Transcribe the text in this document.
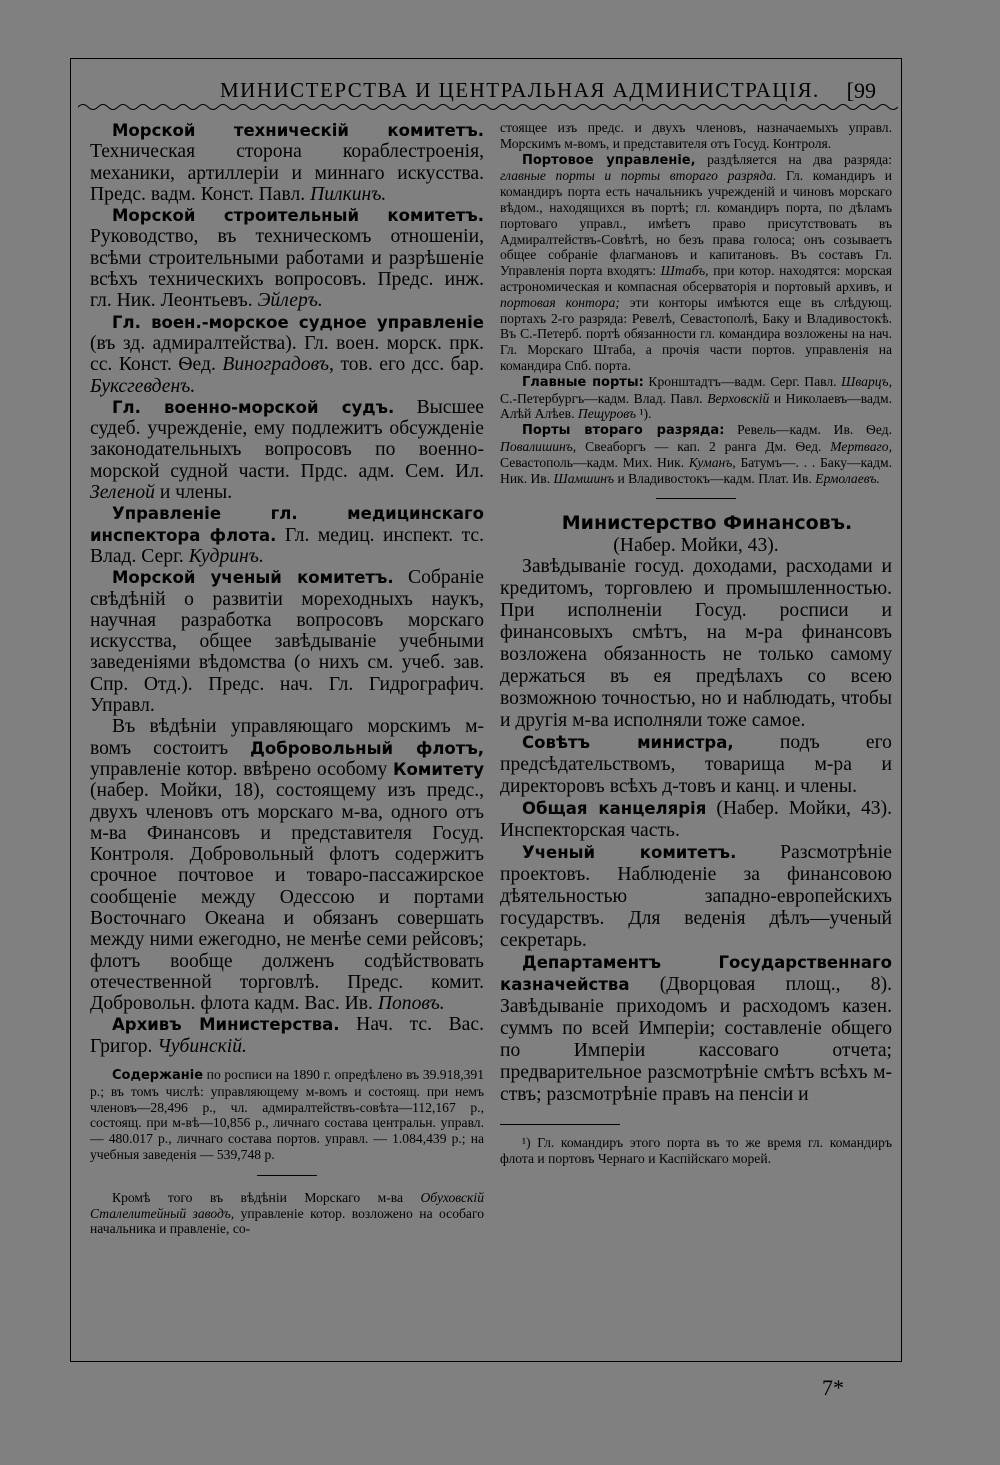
МИНИСТЕРСТВА И ЦЕНТРАЛЬНАЯ АДМИНИСТРАЦІЯ. [99

Морской техническій комитетъ. Техническая сторона кораблестроенія, механики, артиллеріи и миннаго искусства. Предс. вадм. Конст. Павл. Пилкинъ.

Морской строительный комитетъ. Руководство, въ техническомъ отношеніи, всѣми строительными работами и разрѣшеніе всѣхъ техническихъ вопросовъ. Предс. инж. гл. Ник. Леонтьевъ. Эйлеръ.

Гл. воен.-морское судное управленіе (въ зд. адмиралтейства). Гл. воен. морск. прк. сс. Конст. Ѳед. Виноградовъ, тов. его дсс. бар. Буксгевденъ.

Гл. военно-морской судъ. Высшее судеб. учрежденіе, ему подлежитъ обсужденіе законодательныхъ вопросовъ по военно-морской судной части. Прдс. адм. Сем. Ил. Зеленой и члены.

Управленіе гл. медицинскаго инспектора флота. Гл. медиц. инспект. тс. Влад. Серг. Кудринъ.

Морской ученый комитетъ. Собраніе свѣдѣній о развитіи мореходныхъ наукъ, научная разработка вопросовъ морскаго искусства, общее завѣдываніе учебными заведеніями вѣдомства (о нихъ см. учеб. зав. Спр. Отд.). Предс. нач. Гл. Гидрографич. Управл.

Въ вѣдѣніи управляющаго морскимъ м-вомъ состоитъ Добровольный флотъ, управленіе котор. ввѣрено особому Комитету (набер. Мойки, 18), состоящему изъ предс., двухъ членовъ отъ морскаго м-ва, одного отъ м-ва Финансовъ и представителя Госуд. Контроля. Добровольный флотъ содержитъ срочное почтовое и товаро-пассажирское сообщеніе между Одессою и портами Восточнаго Океана и обязанъ совершать между ними ежегодно, не менѣе семи рейсовъ; флотъ вообще долженъ содѣйствовать отечественной торговлѣ. Предс. комит. Добровольн. флота кадм. Вас. Ив. Поповъ.

Архивъ Министерства. Нач. тс. Вас. Григор. Чубинскій.

Содержаніе по росписи на 1890 г. опредѣлено въ 39.918,391 р.; въ томъ числѣ: управляющему м-вомъ и состоящ. при немъ членовъ—28,496 р., чл. адмиралтействъ-совѣта—112,167 р., состоящ. при м-вѣ—10,856 р., личнаго состава центральн. управл. — 480.017 р., личнаго состава портов. управл. — 1.084,439 р.; на учебныя заведенія — 539,748 р.

Кромѣ того въ вѣдѣніи Морскаго м-ва Обуховскій Сталелитейный заводъ, управленіе котор. возложено на особаго начальника и правленіе, со-

стоящее изъ предс. и двухъ членовъ, назначаемыхъ управл. Морскимъ м-вомъ, и представителя отъ Госуд. Контроля.

Портовое управленіе, раздѣляется на два разряда: главные порты и порты втораго разряда. Гл. командиръ и командиръ порта есть начальникъ учрежденій и чиновъ морскаго вѣдом., находящихся въ портѣ; гл. командиръ порта, по дѣламъ портоваго управл., имѣетъ право присутствовать въ Адмиралтействъ-Совѣтѣ, но безъ права голоса; онъ созываетъ общее собраніе флагмановъ и капитановъ. Въ составъ Гл. Управленія порта входятъ: Штабъ, при котор. находятся: морская астрономическая и компасная обсерваторія и портовый архивъ, и портовая контора; эти конторы имѣются еще въ слѣдующ. портахъ 2-го разряда: Ревелѣ, Севастополѣ, Баку и Владивостокѣ. Въ С.-Петерб. портѣ обязанности гл. командира возложены на нач. Гл. Морскаго Штаба, а прочія части портов. управленія на командира Спб. порта.

Главные порты: Кронштадтъ—вадм. Серг. Павл. Шварцъ, С.-Петербургъ—кадм. Влад. Павл. Верховскій и Николаевъ—вадм. Алѣй Алѣев. Пещуровъ ¹).

Порты втораго разряда: Ревель—кадм. Ив. Ѳед. Повалишинъ, Свеаборгъ — кап. 2 ранга Дм. Ѳед. Мертваго, Севастополь—кадм. Мих. Ник. Куманъ, Батумъ—. . . Баку—кадм. Ник. Ив. Шамшинъ и Владивостокъ—кадм. Плат. Ив. Ермолаевъ.

Министерство Финансовъ.

(Набер. Мойки, 43).

Завѣдываніе госуд. доходами, расходами и кредитомъ, торговлею и промышленностью. При исполненіи Госуд. росписи и финансовыхъ смѣтъ, на м-ра финансовъ возложена обязанность не только самому держаться въ ея предѣлахъ со всею возможною точностью, но и наблюдать, чтобы и другія м-ва исполняли тоже самое.

Совѣтъ министра, подъ его предсѣдательствомъ, товарища м-ра и директоровъ всѣхъ д-товъ и канц. и члены.

Общая канцелярія (Набер. Мойки, 43). Инспекторская часть.

Ученый комитетъ. Разсмотрѣніе проектовъ. Наблюденіе за финансовою дѣятельностью западно-европейскихъ государствъ. Для веденія дѣлъ—ученый секретарь.

Департаментъ Государственнаго казначейства (Дворцовая площ., 8). Завѣдываніе приходомъ и расходомъ казен. суммъ по всей Имперіи; составленіе общего по Имперіи кассоваго отчета; предварительное разсмотрѣніе смѣтъ всѣхъ м-ствъ; разсмотрѣніе правъ на пенсіи и

¹) Гл. командиръ этого порта въ то же время гл. командиръ флота и портовъ Чернаго и Каспійскаго морей.

7*
